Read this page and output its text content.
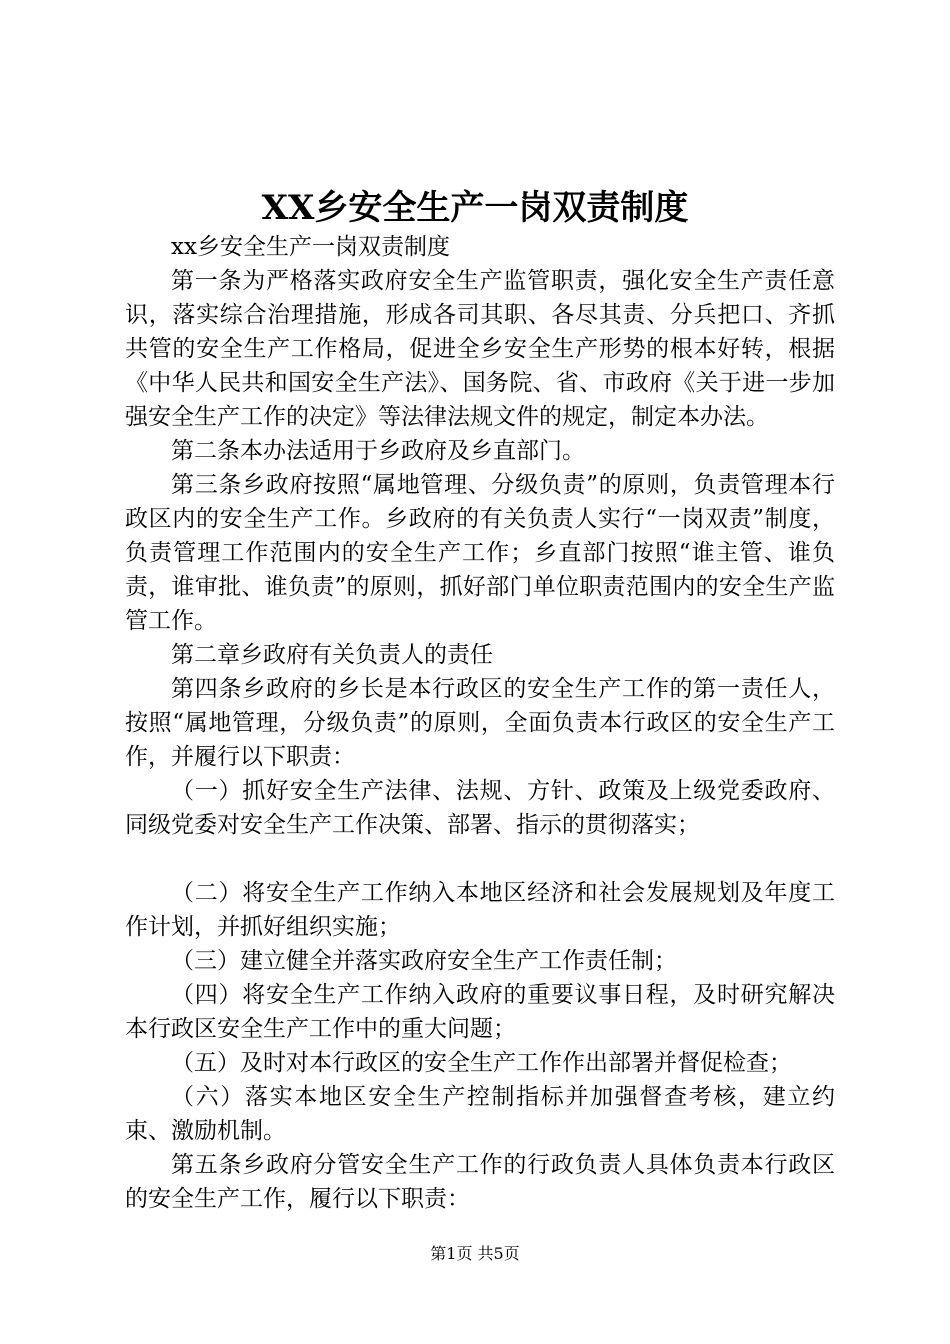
XX乡安全生产一岗双责制度

xx乡安全生产一岗双责制度

第一条为严格落实政府安全生产监管职责，强化安全生产责任意识，落实综合治理措施，形成各司其职、各尽其责、分兵把口、齐抓共管的安全生产工作格局，促进全乡安全生产形势的根本好转，根据《中华人民共和国安全生产法》、国务院、省、市政府《关于进一步加强安全生产工作的决定》等法律法规文件的规定，制定本办法。

第二条本办法适用于乡政府及乡直部门。

第三条乡政府按照“属地管理、分级负责”的原则，负责管理本行政区内的安全生产工作。乡政府的有关负责人实行“一岗双责”制度，负责管理工作范围内的安全生产工作；乡直部门按照“谁主管、谁负责，谁审批、谁负责”的原则，抓好部门单位职责范围内的安全生产监管工作。

第二章乡政府有关负责人的责任

第四条乡政府的乡长是本行政区的安全生产工作的第一责任人，按照“属地管理，分级负责”的原则，全面负责本行政区的安全生产工作，并履行以下职责：

（一）抓好安全生产法律、法规、方针、政策及上级党委政府、同级党委对安全生产工作决策、部署、指示的贯彻落实；

（二）将安全生产工作纳入本地区经济和社会发展规划及年度工作计划，并抓好组织实施；

（三）建立健全并落实政府安全生产工作责任制；

（四）将安全生产工作纳入政府的重要议事日程，及时研究解决本行政区安全生产工作中的重大问题；

（五）及时对本行政区的安全生产工作作出部署并督促检查；

（六）落实本地区安全生产控制指标并加强督查考核，建立约束、激励机制。

第五条乡政府分管安全生产工作的行政负责人具体负责本行政区的安全生产工作，履行以下职责：

第1页 共5页
